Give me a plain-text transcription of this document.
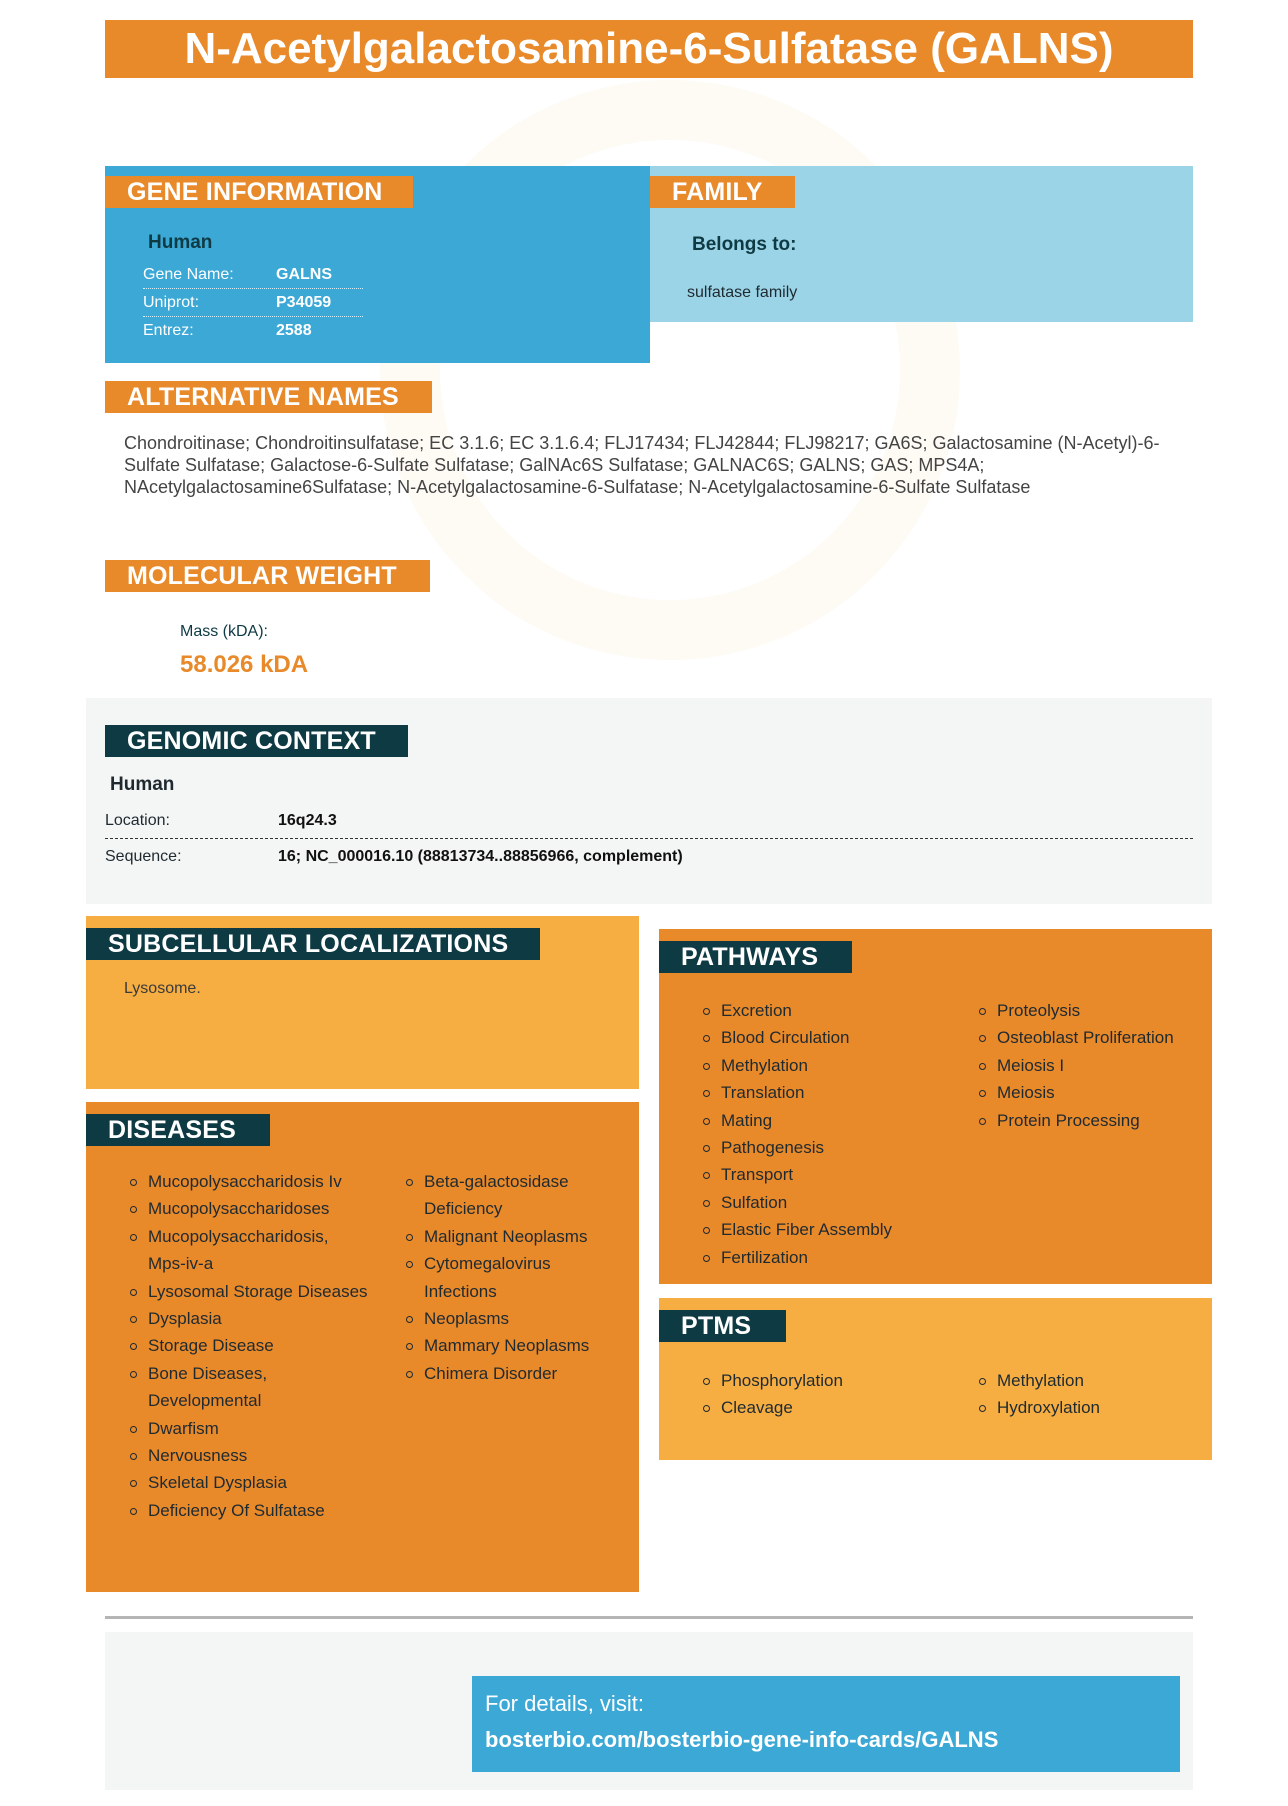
N-Acetylgalactosamine-6-Sulfatase (GALNS)
GENE INFORMATION
Human
Gene Name:	GALNS
Uniprot:	P34059
Entrez:	2588
FAMILY
Belongs to:
sulfatase family
ALTERNATIVE NAMES
Chondroitinase; Chondroitinsulfatase; EC 3.1.6; EC 3.1.6.4; FLJ17434; FLJ42844; FLJ98217; GA6S; Galactosamine (N-Acetyl)-6-Sulfate Sulfatase; Galactose-6-Sulfate Sulfatase; GalNAc6S Sulfatase; GALNAC6S; GALNS; GAS; MPS4A; NAcetylgalactosamine6Sulfatase; N-Acetylgalactosamine-6-Sulfatase; N-Acetylgalactosamine-6-Sulfate Sulfatase
MOLECULAR WEIGHT
Mass (kDA):
58.026 kDA
GENOMIC CONTEXT
Human
Location:	16q24.3
Sequence:	16; NC_000016.10 (88813734..88856966, complement)
SUBCELLULAR LOCALIZATIONS
Lysosome.
DISEASES
Mucopolysaccharidosis Iv
Mucopolysaccharidoses
Mucopolysaccharidosis, Mps-iv-a
Lysosomal Storage Diseases
Dysplasia
Storage Disease
Bone Diseases, Developmental
Dwarfism
Nervousness
Skeletal Dysplasia
Deficiency Of Sulfatase
Beta-galactosidase Deficiency
Malignant Neoplasms
Cytomegalovirus Infections
Neoplasms
Mammary Neoplasms
Chimera Disorder
PATHWAYS
Excretion
Blood Circulation
Methylation
Translation
Mating
Pathogenesis
Transport
Sulfation
Elastic Fiber Assembly
Fertilization
Proteolysis
Osteoblast Proliferation
Meiosis I
Meiosis
Protein Processing
PTMS
Phosphorylation
Cleavage
Methylation
Hydroxylation
For details, visit:
bosterbio.com/bosterbio-gene-info-cards/GALNS
